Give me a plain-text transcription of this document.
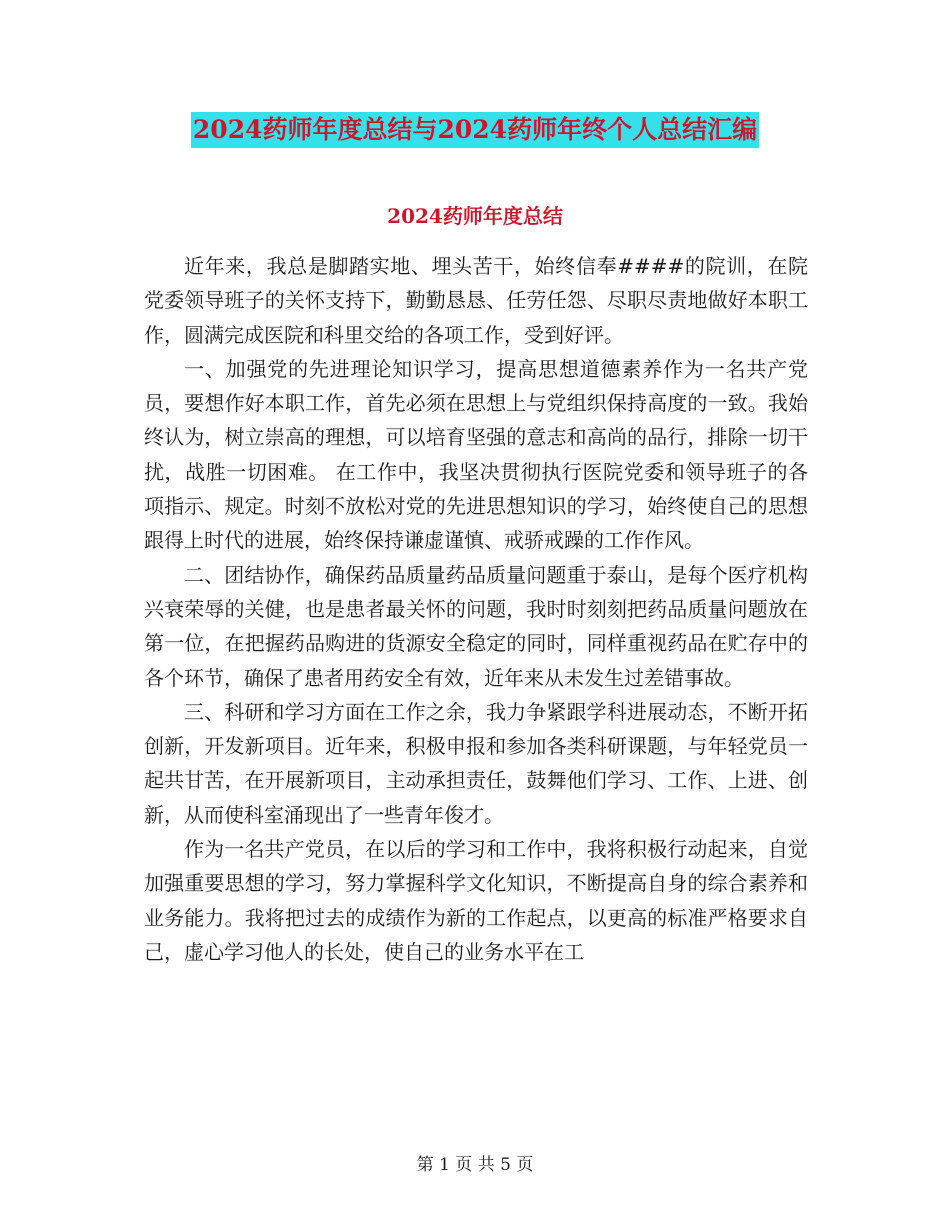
2024药师年度总结与2024药师年终个人总结汇编
2024药师年度总结

近年来，我总是脚踏实地、埋头苦干，始终信奉####的院训，在院党委领导班子的关怀支持下，勤勤恳恳、任劳任怨、尽职尽责地做好本职工作，圆满完成医院和科里交给的各项工作，受到好评。

一、加强党的先进理论知识学习，提高思想道德素养作为一名共产党员，要想作好本职工作，首先必须在思想上与党组织保持高度的一致。我始终认为，树立崇高的理想，可以培育坚强的意志和高尚的品行，排除一切干扰，战胜一切困难。 在工作中，我坚决贯彻执行医院党委和领导班子的各项指示、规定。时刻不放松对党的先进思想知识的学习，始终使自己的思想跟得上时代的进展，始终保持谦虚谨慎、戒骄戒躁的工作作风。

二、团结协作，确保药品质量药品质量问题重于泰山，是每个医疗机构兴衰荣辱的关健，也是患者最关怀的问题，我时时刻刻把药品质量问题放在第一位，在把握药品购进的货源安全稳定的同时，同样重视药品在贮存中的各个环节，确保了患者用药安全有效，近年来从未发生过差错事故。

三、科研和学习方面在工作之余，我力争紧跟学科进展动态，不断开拓创新，开发新项目。近年来，积极申报和参加各类科研课题，与年轻党员一起共甘苦，在开展新项目，主动承担责任，鼓舞他们学习、工作、上进、创新，从而使科室涌现出了一些青年俊才。

作为一名共产党员，在以后的学习和工作中，我将积极行动起来，自觉加强重要思想的学习，努力掌握科学文化知识，不断提高自身的综合素养和业务能力。我将把过去的成绩作为新的工作起点，以更高的标准严格要求自己，虚心学习他人的长处，使自己的业务水平在工

第 1 页 共 5 页
